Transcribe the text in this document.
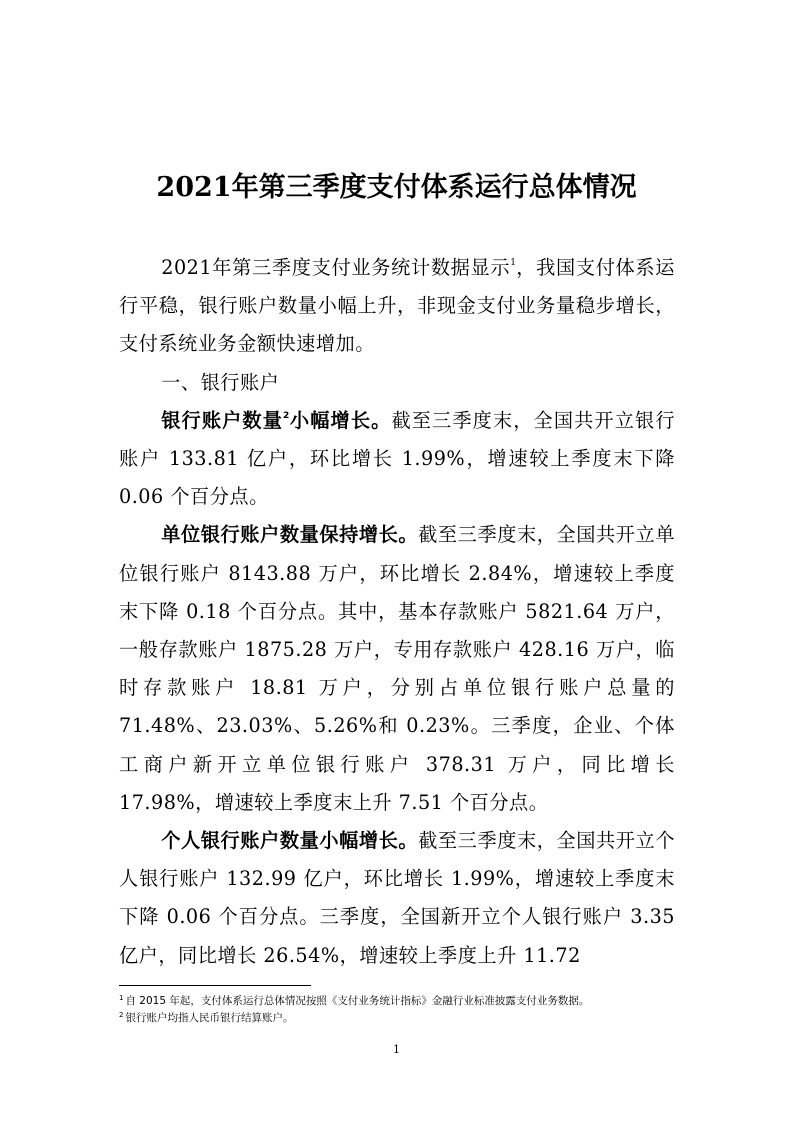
2021年第三季度支付体系运行总体情况

2021年第三季度支付业务统计数据显示$^1$，我国支付体系运行平稳，银行账户数量小幅上升，非现金支付业务量稳步增长，支付系统业务金额快速增加。

一、银行账户

银行账户数量$^2$小幅增长。截至三季度末，全国共开立银行账户 133.81 亿户，环比增长 1.99%，增速较上季度末下降 0.06 个百分点。

单位银行账户数量保持增长。截至三季度末，全国共开立单位银行账户 8143.88 万户，环比增长 2.84%，增速较上季度末下降 0.18 个百分点。其中，基本存款账户 5821.64 万户，一般存款账户 1875.28 万户，专用存款账户 428.16 万户，临时存款账户 18.81 万户，分别占单位银行账户总量的 71.48%、23.03%、5.26%和 0.23%。三季度，企业、个体工商户新开立单位银行账户 378.31 万户，同比增长 17.98%，增速较上季度末上升 7.51 个百分点。

个人银行账户数量小幅增长。截至三季度末，全国共开立个人银行账户 132.99 亿户，环比增长 1.99%，增速较上季度末下降 0.06 个百分点。三季度，全国新开立个人银行账户 3.35 亿户，同比增长 26.54%，增速较上季度上升 11.72

$^1$ 自 2015 年起，支付体系运行总体情况按照《支付业务统计指标》金融行业标准披露支付业务数据。
$^2$ 银行账户均指人民币银行结算账户。
1
